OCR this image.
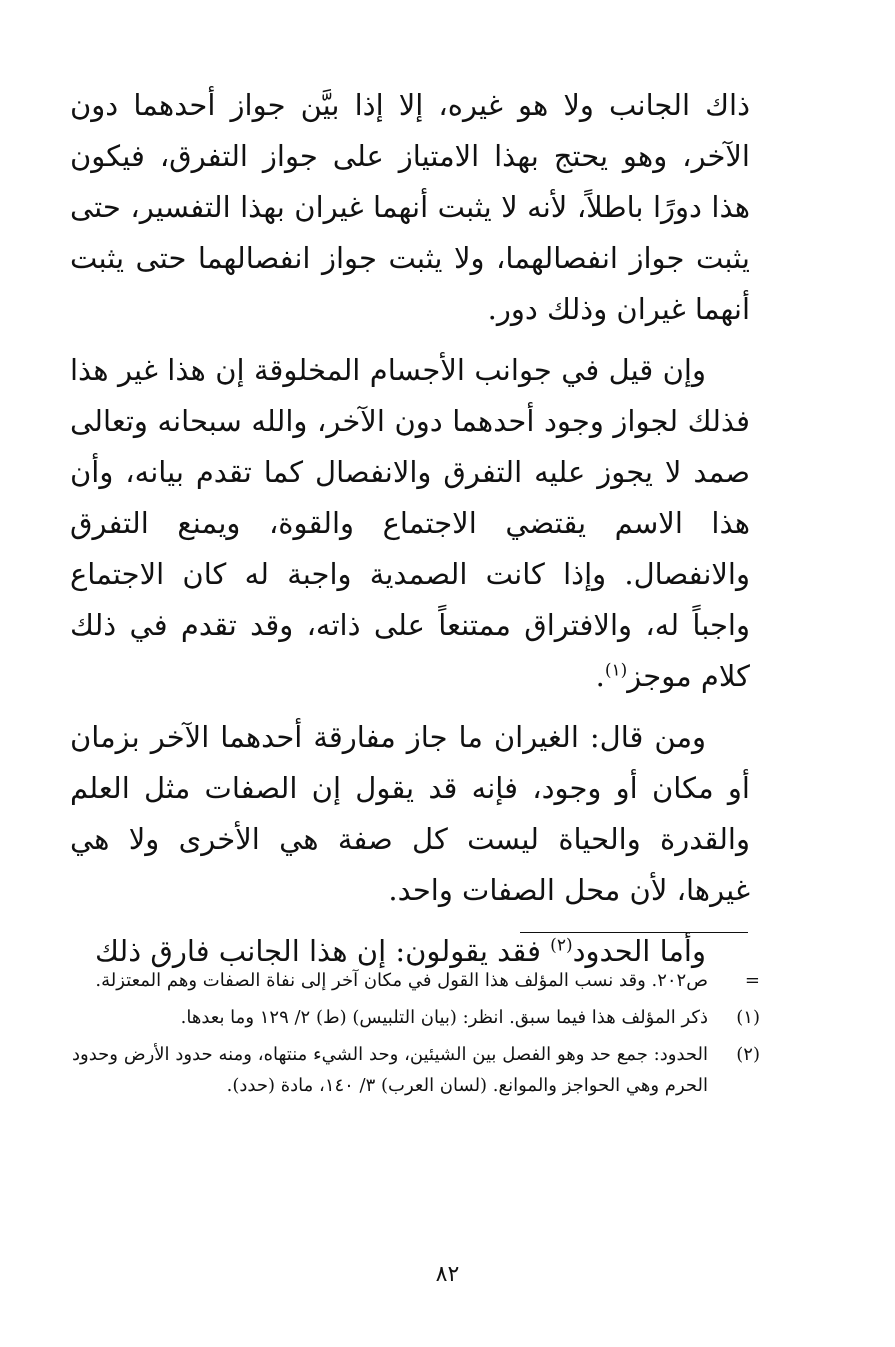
ذاك الجانب ولا هو غيره، إلا إذا بيَّن جواز أحدهما دون الآخر، وهو يحتج بهذا الامتياز على جواز التفرق، فيكون هذا دورًا باطلاً، لأنه لا يثبت أنهما غيران بهذا التفسير، حتى يثبت جواز انفصالهما، ولا يثبت جواز انفصالهما حتى يثبت أنهما غيران وذلك دور.

وإن قيل في جوانب الأجسام المخلوقة إن هذا غير هذا فذلك لجواز وجود أحدهما دون الآخر، والله سبحانه وتعالى صمد لا يجوز عليه التفرق والانفصال كما تقدم بيانه، وأن هذا الاسم يقتضي الاجتماع والقوة، ويمنع التفرق والانفصال. وإذا كانت الصمدية واجبة له كان الاجتماع واجباً له، والافتراق ممتنعاً على ذاته، وقد تقدم في ذلك كلام موجز$^{(١)}$.

ومن قال: الغيران ما جاز مفارقة أحدهما الآخر بزمان أو مكان أو وجود، فإنه قد يقول إن الصفات مثل العلم والقدرة والحياة ليست كل صفة هي الأخرى ولا هي غيرها، لأن محل الصفات واحد.

وأما الحدود$^{(٢)}$ فقد يقولون: إن هذا الجانب فارق ذلك

=
ص٢٠٢. وقد نسب المؤلف هذا القول في مكان آخر إلى نفاة الصفات وهم المعتزلة.
(١)
ذكر المؤلف هذا فيما سبق. انظر: (بيان التلبيس) (ط) ٢/ ١٢٩ وما بعدها.
(٢)
الحدود: جمع حد وهو الفصل بين الشيئين، وحد الشيء منتهاه، ومنه حدود الأرض وحدود الحرم وهي الحواجز والموانع. (لسان العرب) ٣/ ١٤٠، مادة (حدد).
٨٢
